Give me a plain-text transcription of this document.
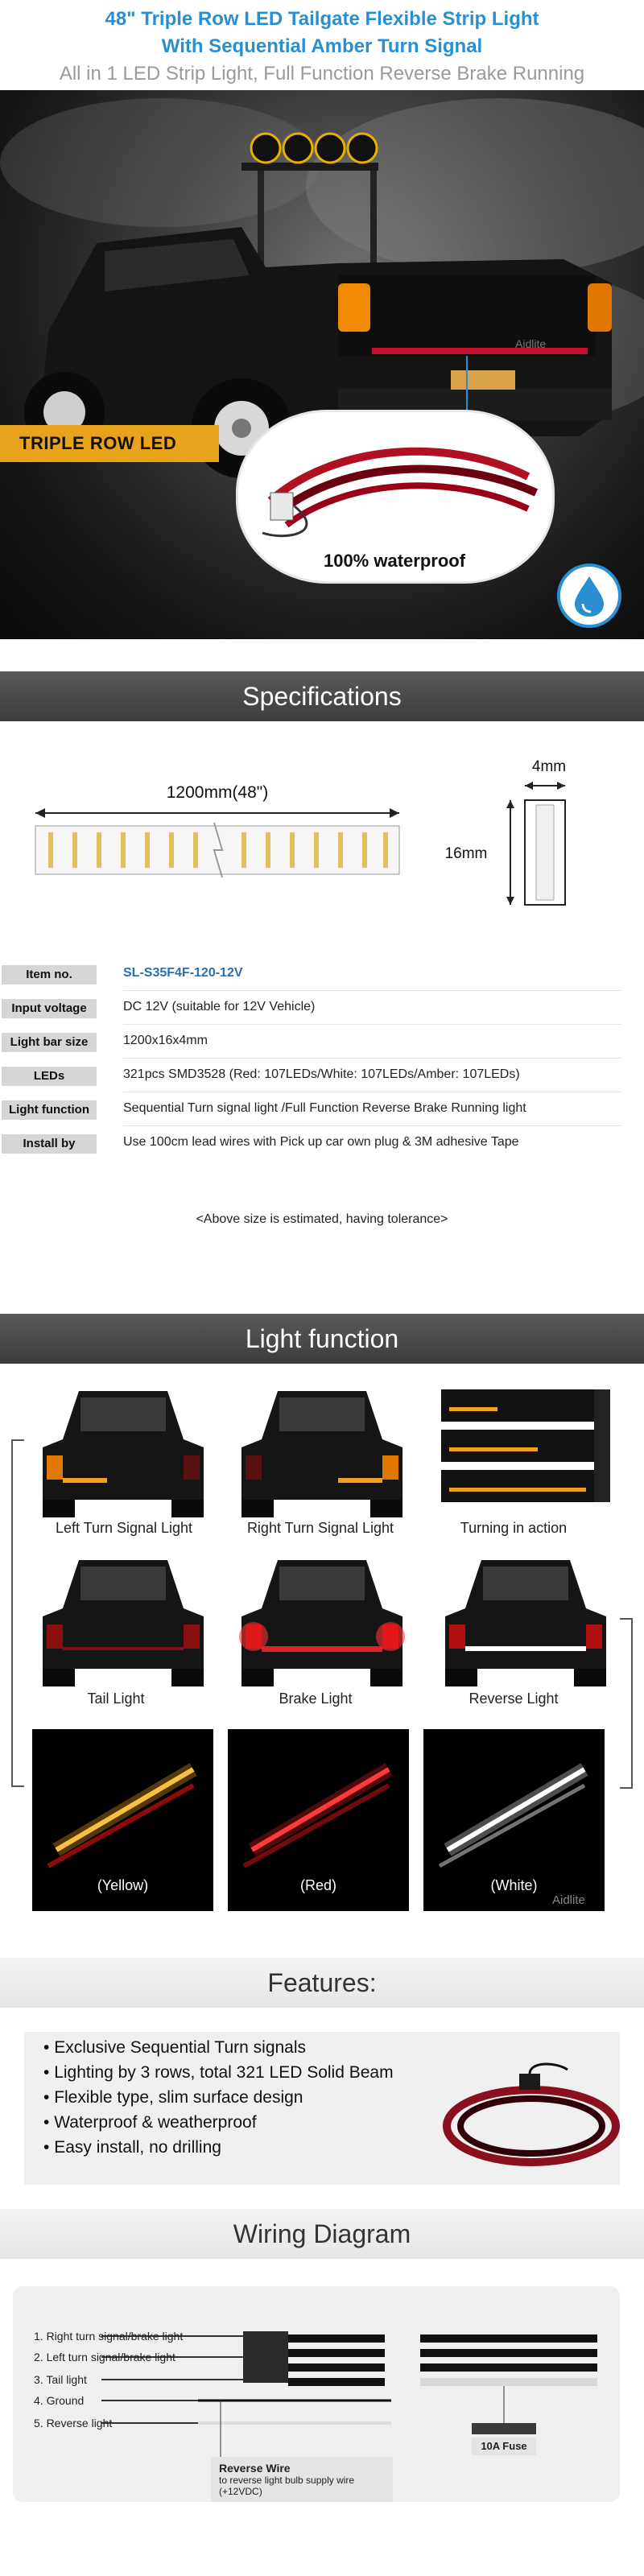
48" Triple Row LED Tailgate Flexible Strip Light
With Sequential Amber Turn Signal
All in 1 LED Strip Light, Full Function Reverse Brake Running
Aidlite
TRIPLE ROW LED
100% waterproof
Specifications
1200mm(48")
4mm
16mm
Item no.	SL-S35F4F-120-12V
Input voltage	DC 12V (suitable for 12V Vehicle)
Light bar size	1200x16x4mm
LEDs	321pcs SMD3528 (Red: 107LEDs/White: 107LEDs/Amber: 107LEDs)
Light function	Sequential Turn signal light /Full Function Reverse Brake Running light
Install by	Use 100cm lead wires with Pick up car own plug & 3M adhesive Tape
<Above size is estimated, having tolerance>
Light function
Left Turn Signal Light	Right Turn Signal Light	Turning in action
Tail Light	Brake Light	Reverse Light
(Yellow)	(Red)	(White)
Aidlite
Features:
• Exclusive Sequential Turn signals
• Lighting by 3 rows, total 321 LED Solid Beam
• Flexible type, slim surface design
• Waterproof & weatherproof
• Easy install, no drilling
Wiring Diagram
1. Right turn signal/brake light
2. Left turn signal/brake light
3. Tail light
4. Ground
5. Reverse light
Reverse Wire
to reverse light bulb supply wire
(+12VDC)
10A Fuse
